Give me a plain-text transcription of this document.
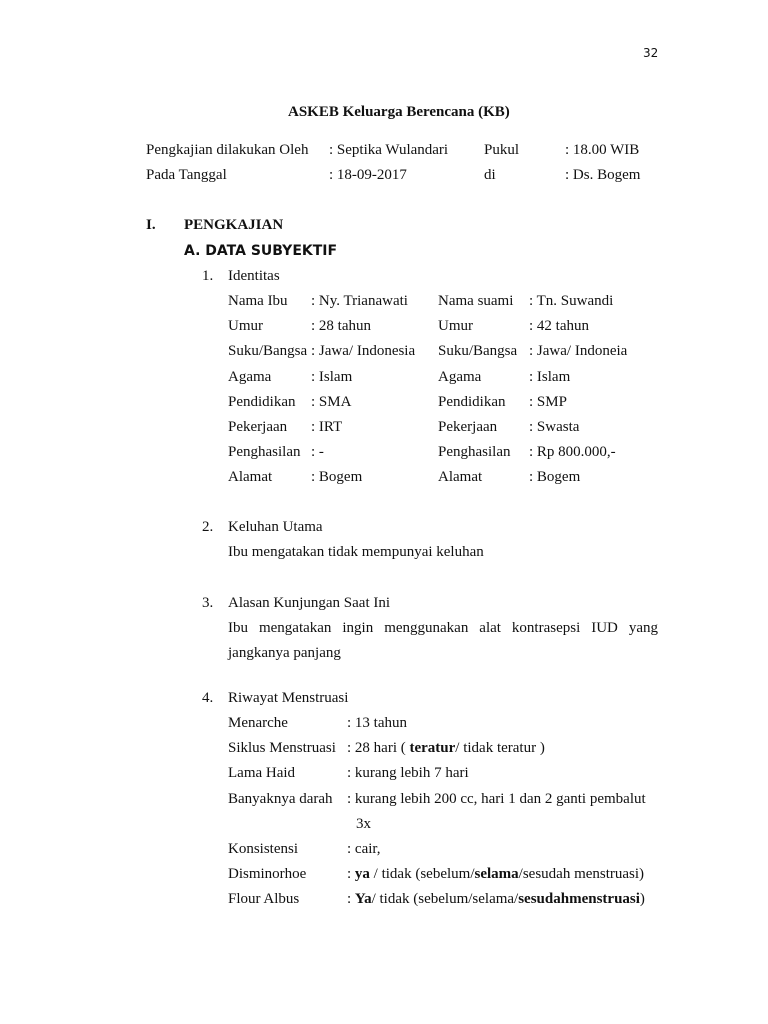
32
ASKEB Keluarga Berencana (KB)
Pengkajian dilakukan Oleh : Septika Wulandari Pukul	: 18.00 WIB
Pada Tanggal	: 18-09-2017	di	: Ds. Bogem
I. PENGKAJIAN
A. DATA SUBYEKTIF
1. Identitas
Nama Ibu : Ny. Trianawati Nama suami : Tn. Suwandi
Umur	: 28 tahun	Umur	: 42 tahun
Suku/Bangsa : Jawa/ Indonesia Suku/Bangsa : Jawa/ Indoneia
Agama	: Islam	Agama	: Islam
Pendidikan : SMA	Pendidikan : SMP
Pekerjaan : IRT	Pekerjaan : Swasta
Penghasilan : -	Penghasilan : Rp 800.000,-
Alamat	: Bogem	Alamat	: Bogem
2. Keluhan Utama
Ibu mengatakan tidak mempunyai keluhan
3. Alasan Kunjungan Saat Ini
Ibu mengatakan ingin menggunakan alat kontrasepsi IUD yang
jangkanya panjang
4. Riwayat Menstruasi
Menarche	: 13 tahun
Siklus Menstruasi : 28 hari ( teratur/ tidak teratur )
Lama Haid	: kurang lebih 7 hari
Banyaknya darah : kurang lebih 200 cc, hari 1 dan 2 ganti pembalut
3x
Konsistensi	: cair,
Disminorhoe	: ya / tidak (sebelum/selama/sesudah menstruasi)
Flour Albus	: Ya/ tidak (sebelum/selama/sesudahmenstruasi)
